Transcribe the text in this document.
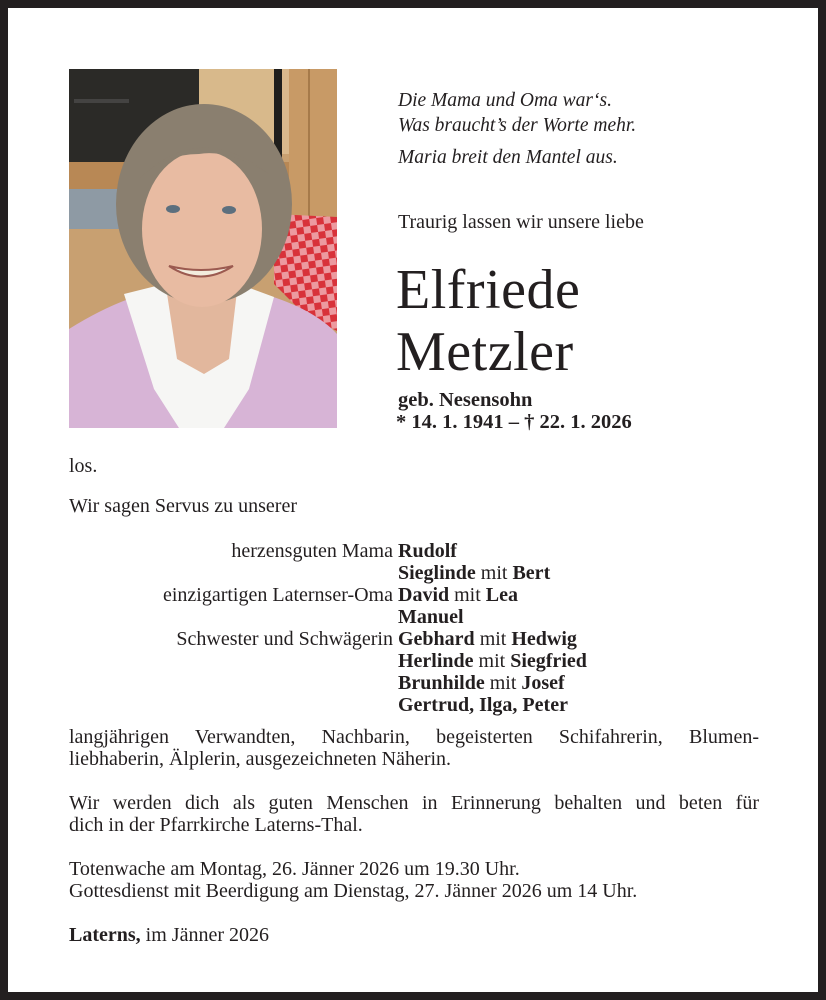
Die Mama und Oma war‘s.
Was braucht’s der Worte mehr.
Maria breit den Mantel aus.
Traurig lassen wir unsere liebe
Elfriede
Metzler
geb. Nesensohn
* 14. 1. 1941 – † 22. 1. 2026
los.
Wir sagen Servus zu unserer
herzensguten Mama Rudolf
Sieglinde mit Bert
einzigartigen Laternser-Oma David mit Lea
Manuel
Schwester und Schwägerin Gebhard mit Hedwig
Herlinde mit Siegfried
Brunhilde mit Josef
Gertrud, Ilga, Peter
langjährigen Verwandten, Nachbarin, begeisterten Schifahrerin, Blumen-
liebhaberin, Älplerin, ausgezeichneten Näherin.
Wir werden dich als guten Menschen in Erinnerung behalten und beten für
dich in der Pfarrkirche Laterns-Thal.
Totenwache am Montag, 26. Jänner 2026 um 19.30 Uhr.
Gottesdienst mit Beerdigung am Dienstag, 27. Jänner 2026 um 14 Uhr.
Laterns, im Jänner 2026
